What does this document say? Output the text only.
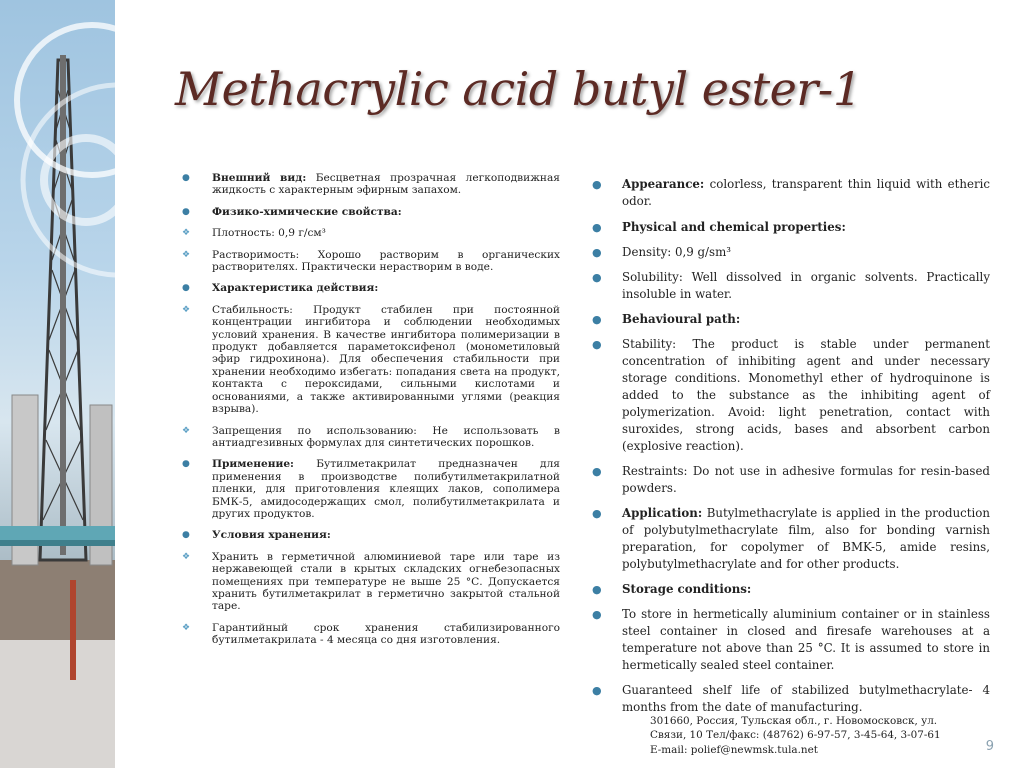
Methacrylic acid butyl ester-1
● Внешний вид: Бесцветная прозрачная легкоподвижная жидкость с характерным эфирным запахом.
● Физико-химические свойства:
❖ Плотность: 0,9 г/см³
❖ Растворимость: Хорошо растворим в органических растворителях. Практически нерастворим в воде.
● Характеристика действия:
❖ Стабильность: Продукт стабилен при постоянной концентрации ингибитора и соблюдении необходимых условий хранения. В качестве ингибитора полимеризации в продукт добавляется параметоксифенол (монометиловый эфир гидрохинона). Для обеспечения стабильности при хранении необходимо избегать: попадания света на продукт, контакта с пероксидами, сильными кислотами и основаниями, а также активированными углями (реакция взрыва).
❖ Запрещения по использованию: Не использовать в антиадгезивных формулах для синтетических порошков.
● Применение: Бутилметакрилат предназначен для применения в производстве полибутилметакрилатной пленки, для приготовления клеящих лаков, сополимера БМК-5, амидосодержащих смол, полибутилметакрилата и других продуктов.
● Условия хранения:
❖ Хранить в герметичной алюминиевой таре или таре из нержавеющей стали в крытых складских огнебезопасных помещениях при температуре не выше 25 °С. Допускается хранить бутилметакрилат в герметично закрытой стальной таре.
❖ Гарантийный срок хранения стабилизированного бутилметакрилата - 4 месяца со дня изготовления.
● Appearance: colorless, transparent thin liquid with etheric odor.
● Physical and chemical properties:
● Density: 0,9 g/sm³
● Solubility: Well dissolved in organic solvents. Practically insoluble in water.
● Behavioural path:
● Stability: The product is stable under permanent concentration of inhibiting agent and under necessary storage conditions. Monomethyl ether of hydroquinone is added to the substance as the inhibiting agent of polymerization. Avoid: light penetration, contact with suroxides, strong acids, bases and absorbent carbon (explosive reaction).
● Restraints: Do not use in adhesive formulas for resin-based powders.
● Application: Butylmethacrylate is applied in the production of polybutylmethacrylate film, also for bonding varnish preparation, for copolymer of BMK-5, amide resins, polybutylmethacrylate and for other products.
● Storage conditions:
● To store in hermetically aluminium container or in stainless steel container in closed and firesafe warehouses at a temperature not above than 25 °C. It is assumed to store in hermetically sealed steel container.
● Guaranteed shelf life of stabilized butylmethacrylate- 4 months from the date of manufacturing.
301660, Россия, Тульская обл., г. Новомосковск, ул.
Связи, 10 Тел/факс: (48762) 6-97-57, 3-45-64, 3-07-61
E-mail: polief@newmsk.tula.net	9
